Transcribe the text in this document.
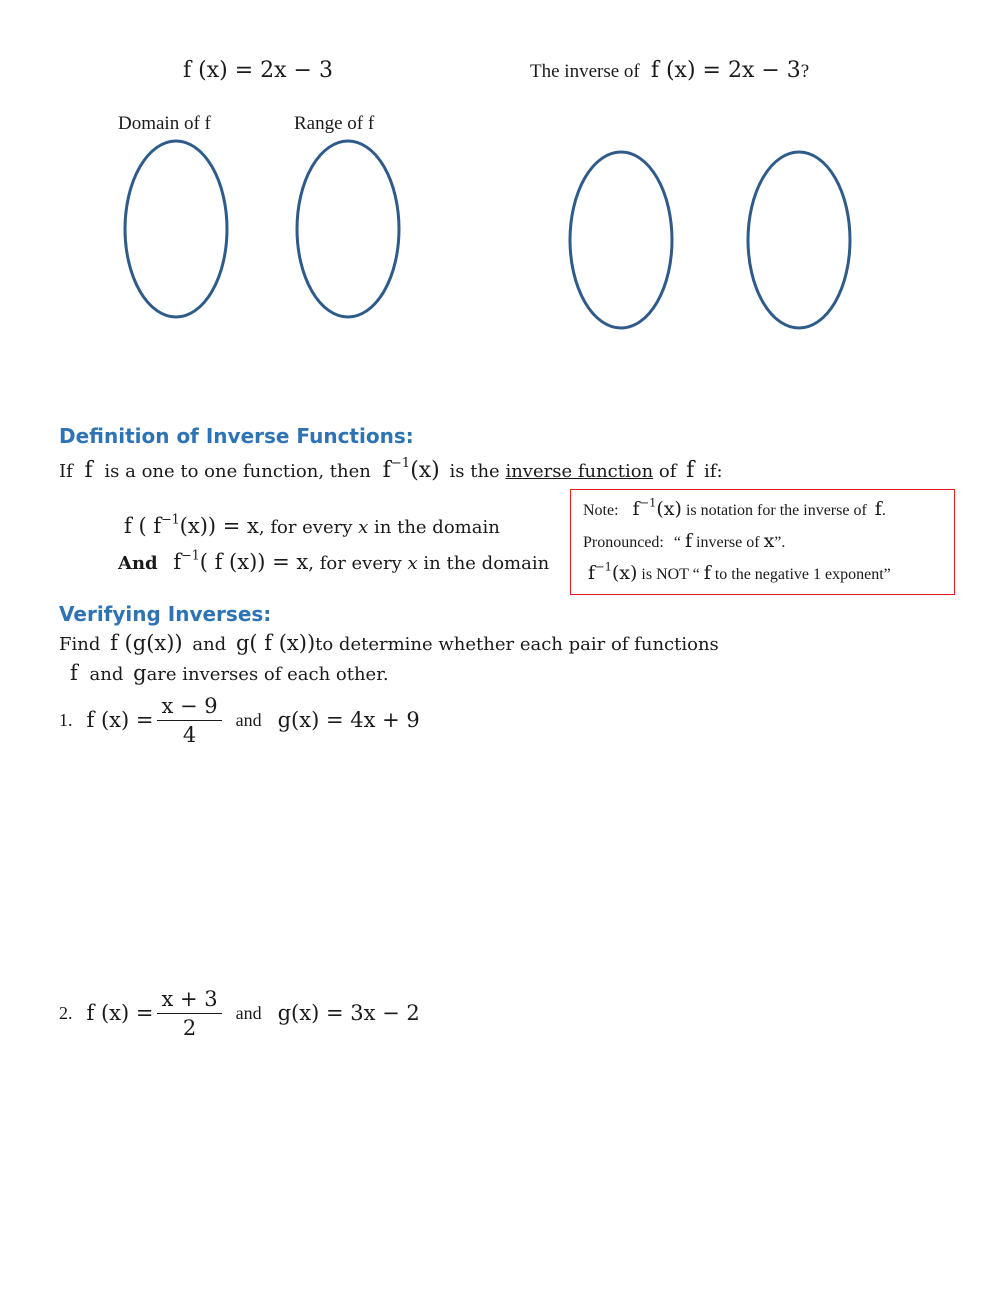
f (x) = 2x − 3	The inverse of f (x) = 2x − 3?
Domain of f	Range of f
Definition of Inverse Functions:
If f is a one to one function, then $f^{-1}(x)$ is the inverse function of f if:
f ( $f^{-1}(x)) = x$, for every x in the domain
And $f^{-1}$( f (x)) = x, for every x in the domain
Note: $f^{-1}(x)$ is notation for the inverse of f.
Pronounced: “ f inverse of x”.
$f^{-1}(x)$ is NOT “ f to the negative 1 exponent”
Verifying Inverses:
Find f (g(x)) and g( f (x))to determine whether each pair of functions
f and gare inverses of each other.
1. f $(x) = \frac{x - 9}{4}$ and g(x) = 4x + 9
2. f $(x) = \frac{x + 3}{2}$ and g(x) = 3x − 2
